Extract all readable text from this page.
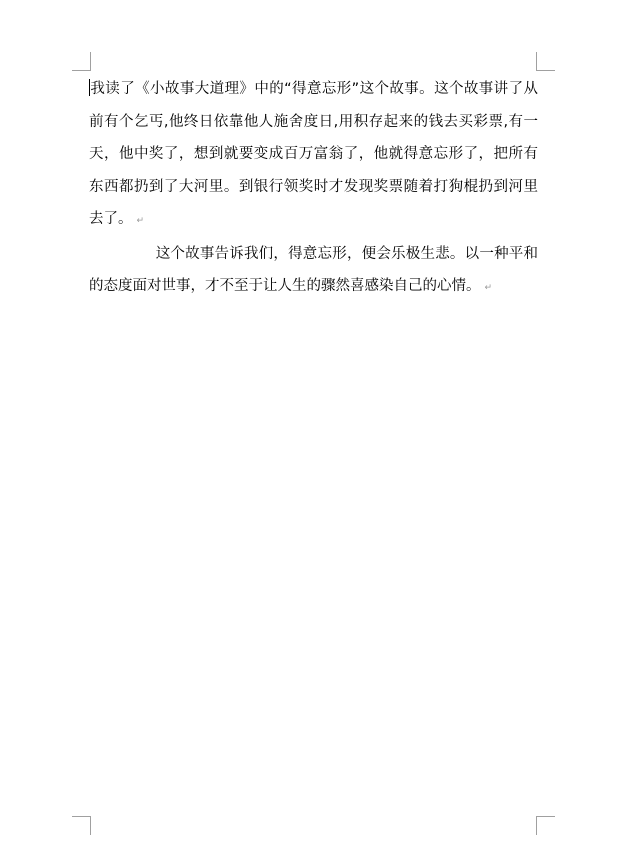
我读了《小故事大道理》中的“得意忘形”这个故事。这个故事讲了从前有个乞丐,他终日依靠他人施舍度日,用积存起来的钱去买彩票,有一天，他中奖了，想到就要变成百万富翁了，他就得意忘形了，把所有东西都扔到了大河里。到银行领奖时才发现奖票随着打狗棍扔到河里去了。 ↵

这个故事告诉我们，得意忘形，便会乐极生悲。以一种平和的态度面对世事，才不至于让人生的骤然喜感染自己的心情。 ↵
